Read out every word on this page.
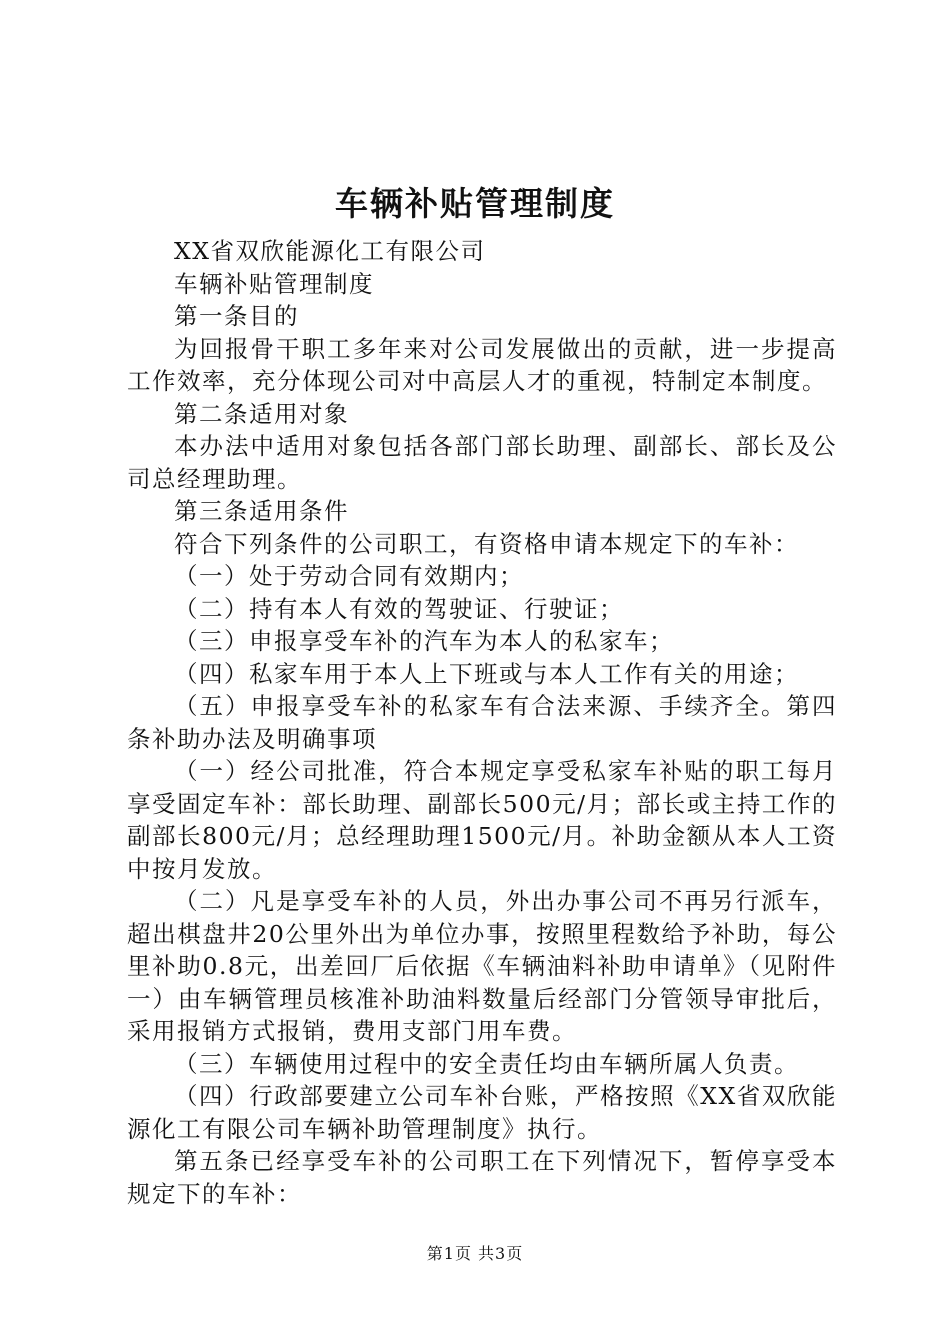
车辆补贴管理制度

XX省双欣能源化工有限公司

车辆补贴管理制度

第一条目的

为回报骨干职工多年来对公司发展做出的贡献，进一步提高工作效率，充分体现公司对中高层人才的重视，特制定本制度。

第二条适用对象

本办法中适用对象包括各部门部长助理、副部长、部长及公司总经理助理。

第三条适用条件

符合下列条件的公司职工，有资格申请本规定下的车补：

（一）处于劳动合同有效期内；

（二）持有本人有效的驾驶证、行驶证；

（三）申报享受车补的汽车为本人的私家车；

（四）私家车用于本人上下班或与本人工作有关的用途；

（五）申报享受车补的私家车有合法来源、手续齐全。第四条补助办法及明确事项

（一）经公司批准，符合本规定享受私家车补贴的职工每月享受固定车补：部长助理、副部长500元/月；部长或主持工作的副部长800元/月；总经理助理1500元/月。补助金额从本人工资中按月发放。

（二）凡是享受车补的人员，外出办事公司不再另行派车，超出棋盘井20公里外出为单位办事，按照里程数给予补助，每公里补助0.8元，出差回厂后依据《车辆油料补助申请单》（见附件一）由车辆管理员核准补助油料数量后经部门分管领导审批后，采用报销方式报销，费用支部门用车费。

（三）车辆使用过程中的安全责任均由车辆所属人负责。

（四）行政部要建立公司车补台账，严格按照《XX省双欣能源化工有限公司车辆补助管理制度》执行。

第五条已经享受车补的公司职工在下列情况下，暂停享受本规定下的车补：

第1页 共3页
